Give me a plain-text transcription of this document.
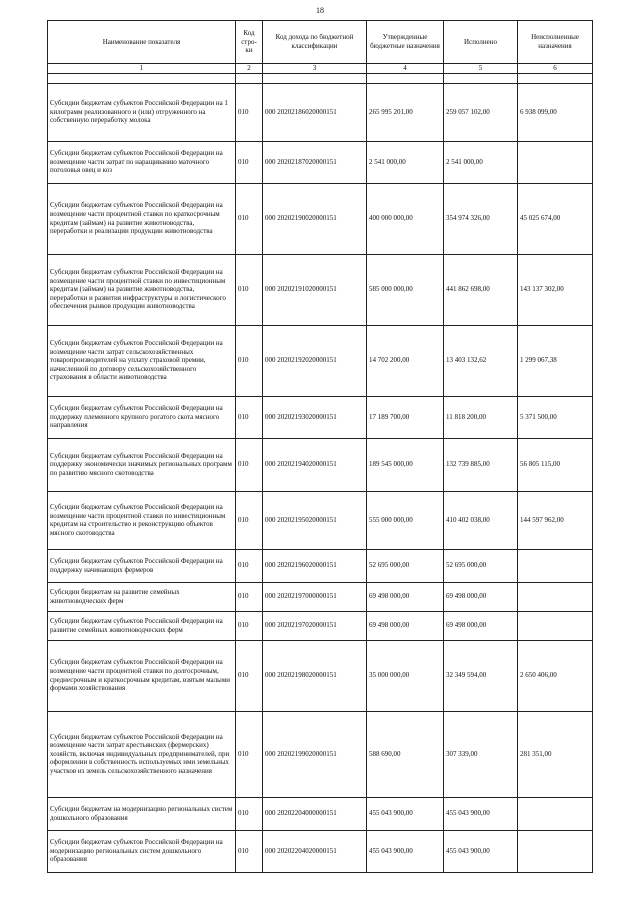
18
Наименование показателя	Код стро-ки	Код дохода по бюджетной классификации	Утвержденные бюджетные назначения	Исполнено	Неисполненные назначения
1	2	3	4	5	6

Субсидии бюджетам субъектов Российской Федерации на 1 килограмм реализованного и (или) отгруженного на собственную переработку молока	010	000 20202186020000151	265 995 201,00	259 057 102,00	6 938 099,00
Субсидии бюджетам субъектов Российской Федерации на возмещение части затрат по наращиванию маточного поголовья овец и коз	010	000 20202187020000151	2 541 000,00	2 541 000,00	
Субсидии бюджетам субъектов Российской Федерации на возмещение части процентной ставки по краткосрочным кредитам (займам) на развитие животноводства, переработки и реализации продукции животноводства	010	000 20202190020000151	400 000 000,00	354 974 326,00	45 025 674,00
Субсидии бюджетам субъектов Российской Федерации на возмещение части процентной ставки по инвестиционным кредитам (займам) на развитие животноводства, переработки и развития инфраструктуры и логистического обеспечения рынков продукции животноводства	010	000 20202191020000151	585 000 000,00	441 862 698,00	143 137 302,00
Субсидии бюджетам субъектов Российской Федерации на возмещение части затрат сельскохозяйственных товаропроизводителей на уплату страховой премии, начисленной по договору сельскохозяйственного страхования в области животноводства	010	000 20202192020000151	14 702 200,00	13 403 132,62	1 299 067,38
Субсидии бюджетам субъектов Российской Федерации на поддержку племенного крупного рогатого скота мясного направления	010	000 20202193020000151	17 189 700,00	11 818 200,00	5 371 500,00
Субсидии бюджетам субъектов Российской Федерации на поддержку экономически значимых региональных программ по развитию мясного скотоводства	010	000 20202194020000151	189 545 000,00	132 739 885,00	56 805 115,00
Субсидии бюджетам субъектов Российской Федерации на возмещение части процентной ставки по инвестиционным кредитам на строительство и реконструкцию объектов мясного скотоводства	010	000 20202195020000151	555 000 000,00	410 402 038,00	144 597 962,00
Субсидии бюджетам субъектов Российской Федерации на поддержку начинающих фермеров	010	000 20202196020000151	52 695 000,00	52 695 000,00	
Субсидии бюджетам на развитие семейных животноводческих ферм	010	000 20202197000000151	69 498 000,00	69 498 000,00	
Субсидии бюджетам субъектов Российской Федерации на развитие семейных животноводческих ферм	010	000 20202197020000151	69 498 000,00	69 498 000,00	
Субсидии бюджетам субъектов Российской Федерации на возмещение части процентной ставки по долгосрочным, среднесрочным и краткосрочным кредитам, взятым малыми формами хозяйствования	010	000 20202198020000151	35 000 000,00	32 349 594,00	2 650 406,00
Субсидии бюджетам субъектов Российской Федерации на возмещение части затрат крестьянских (фермерских) хозяйств, включая индивидуальных предпринимателей, при оформлении в собственность используемых ими земельных участков из земель сельскохозяйственного назначения	010	000 20202199020000151	588 690,00	307 339,00	281 351,00
Субсидии бюджетам на модернизацию региональных систем дошкольного образования	010	000 20202204000000151	455 043 900,00	455 043 900,00	
Субсидии бюджетам субъектов Российской Федерации на модернизацию региональных систем дошкольного образования	010	000 20202204020000151	455 043 900,00	455 043 900,00	
